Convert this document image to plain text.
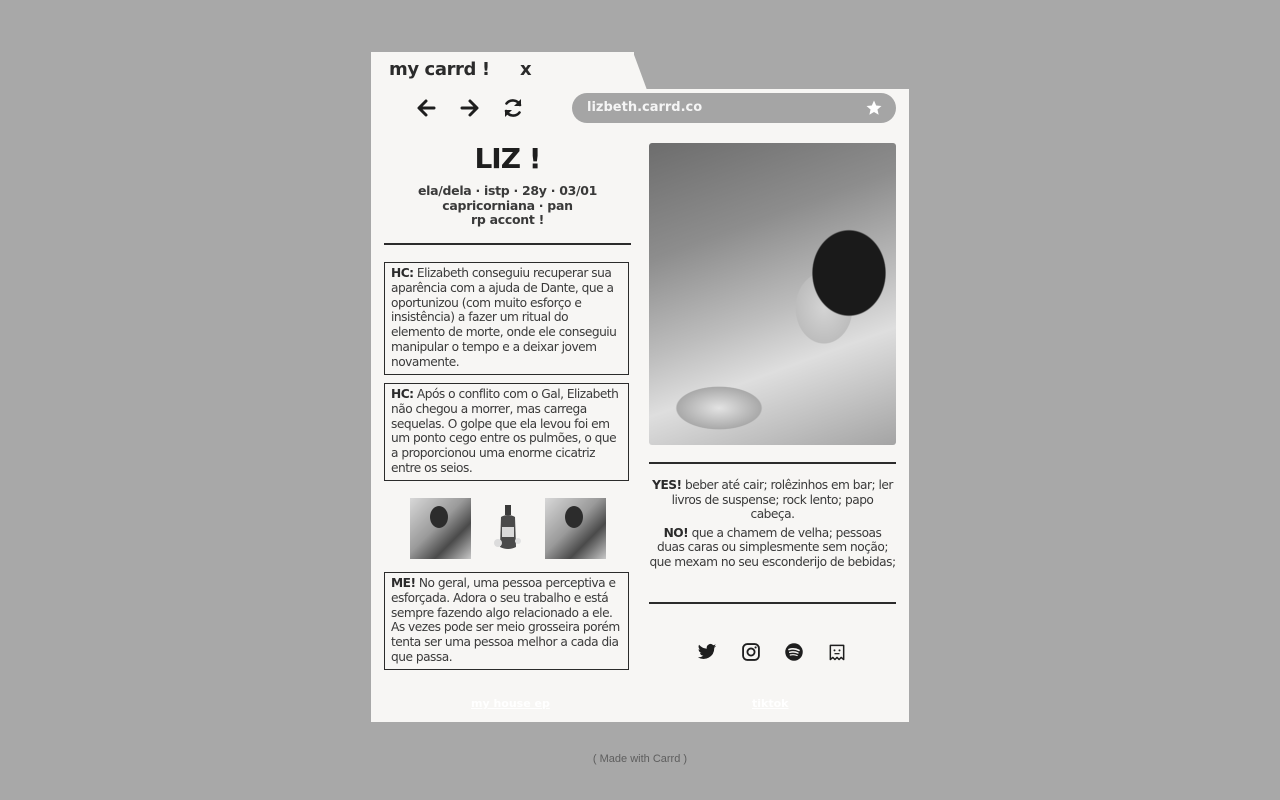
my carrd ! x
lizbeth.carrd.co
LIZ !
ela/dela · istp · 28y · 03/01
capricorniana · pan
rp accont !
HC: Elizabeth conseguiu recuperar sua aparência com a ajuda de Dante, que a oportunizou (com muito esforço e insistência) a fazer um ritual do elemento de morte, onde ele conseguiu manipular o tempo e a deixar jovem novamente.
HC: Após o conflito com o Gal, Elizabeth não chegou a morrer, mas carrega sequelas. O golpe que ela levou foi em um ponto cego entre os pulmões, o que a proporcionou uma enorme cicatriz entre os seios.
ME! No geral, uma pessoa perceptiva e esforçada. Adora o seu trabalho e está sempre fazendo algo relacionado a ele. As vezes pode ser meio grosseira porém tenta ser uma pessoa melhor a cada dia que passa.

YES! beber até cair; rolêzinhos em bar; ler livros de suspense; rock lento; papo cabeça.

NO! que a chamem de velha; pessoas duas caras ou simplesmente sem noção; que mexam no seu esconderijo de bebidas;

my house ep	tiktok
( Made with Carrd )
